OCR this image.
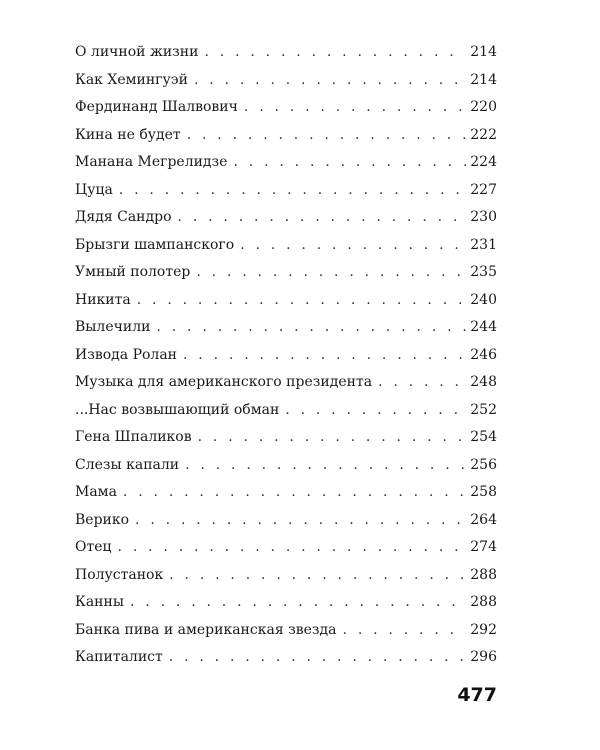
О личной жизни . . .	214
Как Хемингуэй . . .	214
Фердинанд Шалвович . . .	220
Кина не будет . . .	222
Манана Мегрелидзе . . .	224
Цуца . . .	227
Дядя Сандро . . .	230
Брызги шампанского . . .	231
Умный полотер . . .	235
Никита . . .	240
Вылечили . . .	244
Извода Ролан . . .	246
Музыка для американского президента . . .	248
...Нас возвышающий обман . . .	252
Гена Шпаликов . . .	254
Слезы капали . . .	256
Мама . . .	258
Верико . . .	264
Отец . . .	274
Полустанок . . .	288
Канны . . .	288
Банка пива и американская звезда . . .	292
Капиталист . . .	296
477
